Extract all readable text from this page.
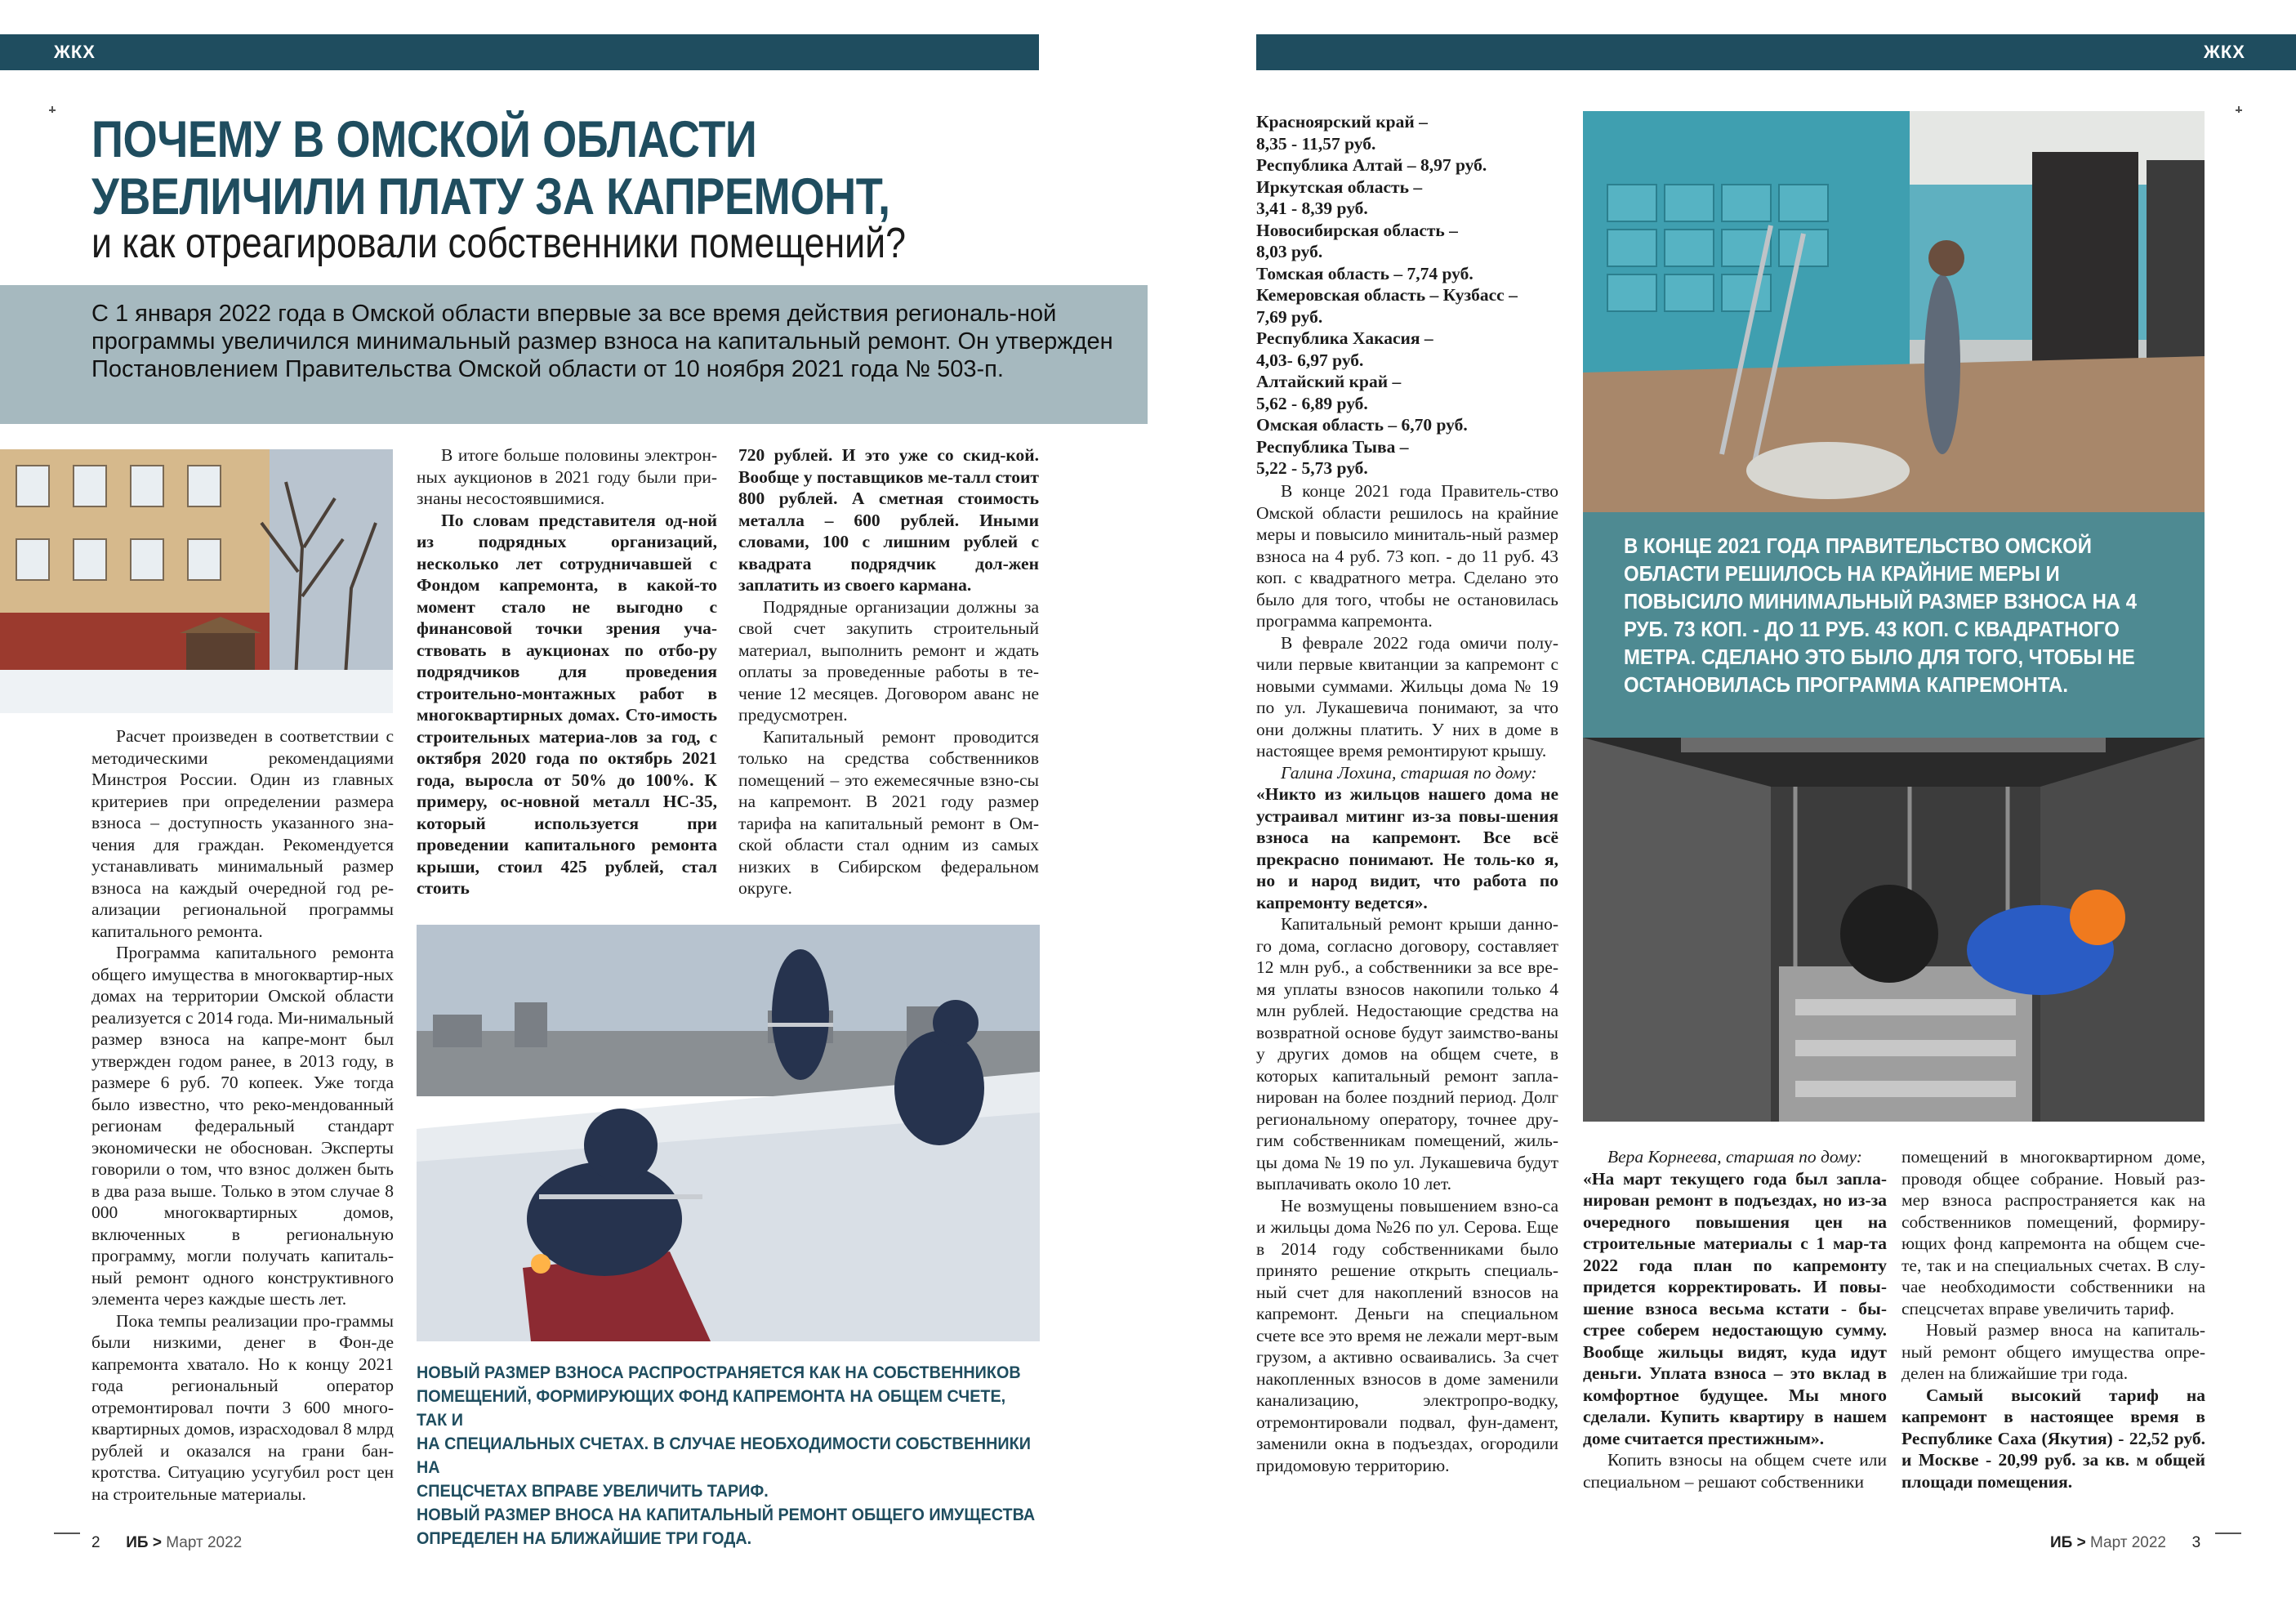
ЖКХ	ЖКХ
ПОЧЕМУ В ОМСКОЙ ОБЛАСТИ
УВЕЛИЧИЛИ ПЛАТУ ЗА КАПРЕМОНТ,
и как отреагировали собственники помещений?
С 1 января 2022 года в Омской области впервые за все время действия региональ-ной программы увеличился минимальный размер взноса на капитальный ремонт. Он утвержден Постановлением Правительства Омской области от 10 ноября 2021 года № 503-п.

Расчет произведен в соответствии с методическими рекомендациями Минстроя России. Один из главных критериев при определении размера взноса – доступность указанного зна-чения для граждан. Рекомендуется устанавливать минимальный размер взноса на каждый очередной год ре-ализации региональной программы капитального ремонта.

Программа капитального ремонта общего имущества в многоквартир-ных домах на территории Омской области реализуется с 2014 года. Ми-нимальный размер взноса на капре-монт был утвержден годом ранее, в 2013 году, в размере 6 руб. 70 копеек. Уже тогда было известно, что реко-мендованный регионам федеральный стандарт экономически не обоснован. Эксперты говорили о том, что взнос должен быть в два раза выше. Только в этом случае 8 000 многоквартирных домов, включенных в региональную программу, могли получать капиталь-ный ремонт одного конструктивного элемента через каждые шесть лет.

Пока темпы реализации про-граммы были низкими, денег в Фон-де капремонта хватало. Но к концу 2021 года региональный оператор отремонтировал почти 3 600 много-квартирных домов, израсходовал 8 млрд рублей и оказался на грани бан-кротства. Ситуацию усугубил рост цен на строительные материалы.

В итоге больше половины электрон-ных аукционов в 2021 году были при-знаны несостоявшимися.

По словам представителя од-ной из подрядных организаций, несколько лет сотрудничавшей с Фондом капремонта, в какой-то момент стало не выгодно с финансовой точки зрения уча-ствовать в аукционах по отбо-ру подрядчиков для проведения строительно-монтажных работ в многоквартирных домах. Сто-имость строительных материа-лов за год, с октября 2020 года по октябрь 2021 года, выросла от 50% до 100%. К примеру, ос-новной металл НС-35, который используется при проведении капитального ремонта крыши, стоил 425 рублей, стал стоить

720 рублей. И это уже со скид-кой. Вообще у поставщиков ме-талл стоит 800 рублей. А сметная стоимость металла – 600 рублей. Иными словами, 100 с лишним рублей с квадрата подрядчик дол-жен заплатить из своего кармана.

Подрядные организации должны за свой счет закупить строительный материал, выполнить ремонт и ждать оплаты за проведенные работы в те-чение 12 месяцев. Договором аванс не предусмотрен.

Капитальный ремонт проводится только на средства собственников помещений – это ежемесячные взно-сы на капремонт. В 2021 году размер тарифа на капитальный ремонт в Ом-ской области стал одним из самых низких в Сибирском федеральном округе.

НОВЫЙ РАЗМЕР ВЗНОСА РАСПРОСТРАНЯЕТСЯ КАК НА СОБСТВЕННИКОВ
ПОМЕЩЕНИЙ, ФОРМИРУЮЩИХ ФОНД КАПРЕМОНТА НА ОБЩЕМ СЧЕТЕ, ТАК И
НА СПЕЦИАЛЬНЫХ СЧЕТАХ. В СЛУЧАЕ НЕОБХОДИМОСТИ СОБСТВЕННИКИ НА
СПЕЦСЧЕТАХ ВПРАВЕ УВЕЛИЧИТЬ ТАРИФ.
НОВЫЙ РАЗМЕР ВНОСА НА КАПИТАЛЬНЫЙ РЕМОНТ ОБЩЕГО ИМУЩЕСТВА
ОПРЕДЕЛЕН НА БЛИЖАЙШИЕ ТРИ ГОДА.
Красноярский край –
8,35 - 11,57 руб.
Республика Алтай – 8,97 руб.
Иркутская область –
3,41 - 8,39 руб.
Новосибирская область –
8,03 руб.
Томская область – 7,74 руб.
Кемеровская область – Кузбасс –
7,69 руб.
Республика Хакасия –
4,03- 6,97 руб.
Алтайский край –
5,62 - 6,89 руб.
Омская область – 6,70 руб.
Республика Тыва –
5,22 - 5,73 руб.

В конце 2021 года Правитель-ство Омской области решилось на крайние меры и повысило миниталь-ный размер взноса на 4 руб. 73 коп. - до 11 руб. 43 коп. с квадратного метра. Сделано это было для того, чтобы не остановилась программа капремонта.

В феврале 2022 года омичи полу-чили первые квитанции за капремонт с новыми суммами. Жильцы дома № 19 по ул. Лукашевича понимают, за что они должны платить. У них в доме в настоящее время ремонтируют крышу.

Галина Лохина, старшая по дому:

«Никто из жильцов нашего дома не устраивал митинг из-за повы-шения взноса на капремонт. Все всё прекрасно понимают. Не толь-ко я, но и народ видит, что работа по капремонту ведется».

Капитальный ремонт крыши данно-го дома, согласно договору, составляет 12 млн руб., а собственники за все вре-мя уплаты взносов накопили только 4 млн рублей. Недостающие средства на возвратной основе будут заимство-ваны у других домов на общем счете, в которых капитальный ремонт запла-нирован на более поздний период. Долг региональному оператору, точнее дру-гим собственникам помещений, жиль-цы дома № 19 по ул. Лукашевича будут выплачивать около 10 лет.

Не возмущены повышением взно-са и жильцы дома №26 по ул. Серова. Еще в 2014 году собственниками было принято решение открыть специаль-ный счет для накоплений взносов на капремонт. Деньги на специальном счете все это время не лежали мерт-вым грузом, а активно осваивались. За счет накопленных взносов в доме заменили канализацию, электропро-водку, отремонтировали подвал, фун-дамент, заменили окна в подъездах, огородили придомовую территорию.

В КОНЦЕ 2021 ГОДА ПРАВИТЕЛЬСТВО ОМСКОЙ ОБЛАСТИ РЕШИЛОСЬ НА КРАЙНИЕ МЕРЫ И ПОВЫСИЛО МИНИМАЛЬНЫЙ РАЗМЕР ВЗНОСА НА 4 РУБ. 73 КОП. - ДО 11 РУБ. 43 КОП. С КВАДРАТНОГО МЕТРА. СДЕЛАНО ЭТО БЫЛО ДЛЯ ТОГО, ЧТОБЫ НЕ ОСТАНОВИЛАСЬ ПРОГРАММА КАПРЕМОНТА.

Вера Корнеева, старшая по дому:

«На март текущего года был запла-нирован ремонт в подъездах, но из-за очередного повышения цен на строительные материалы с 1 мар-та 2022 года план по капремонту придется корректировать. И повы-шение взноса весьма кстати - бы-стрее соберем недостающую сумму. Вообще жильцы видят, куда идут деньги. Уплата взноса – это вклад в комфортное будущее. Мы много сделали. Купить квартиру в нашем доме считается престижным».

Копить взносы на общем счете или специальном – решают собственники

помещений в многоквартирном доме, проводя общее собрание. Новый раз-мер взноса распространяется как на собственников помещений, формиру-ющих фонд капремонта на общем сче-те, так и на специальных счетах. В слу-чае необходимости собственники на спецсчетах вправе увеличить тариф.

Новый размер вноса на капиталь-ный ремонт общего имущества опре-делен на ближайшие три года.

Самый высокий тариф на капремонт в настоящее время в Республике Саха (Якутия) - 22,52 руб. и Москве - 20,99 руб. за кв. м общей площади помещения.

2 ИБ > Март 2022	ИБ > Март 2022 3
